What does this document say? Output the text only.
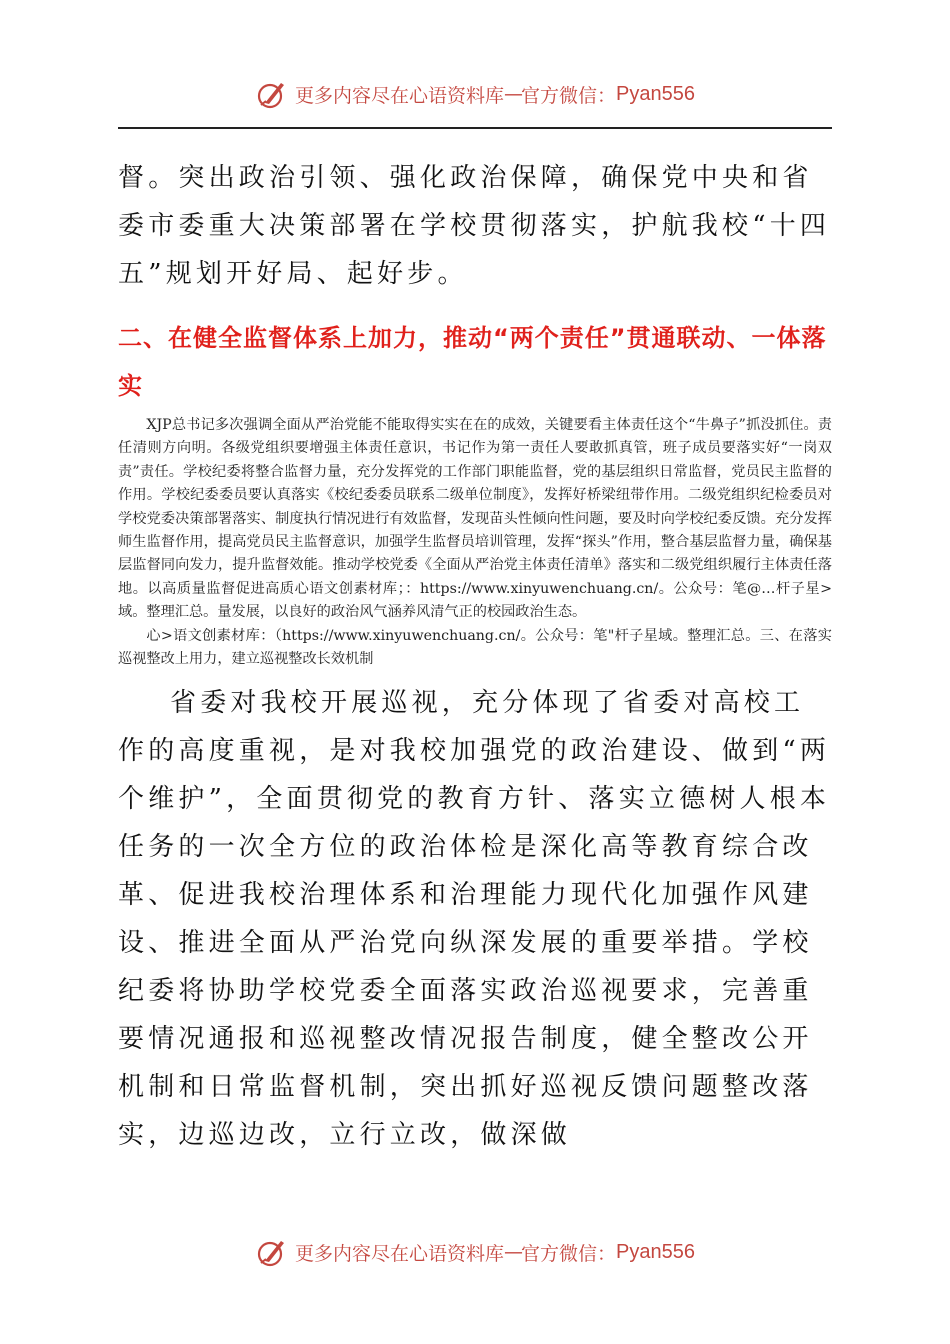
更多内容尽在心语资料库 — 官方微信： Pyan556

督。突出政治引领、强化政治保障，确保党中央和省委市委重大决策部署在学校贯彻落实，护航我校“十四五”规划开好局、起好步。

二、在健全监督体系上加力，推动“两个责任”贯通联动、一体落实

XJP总书记多次强调全面从严治党能不能取得实实在在的成效，关键要看主体责任这个“牛鼻子”抓没抓住。责任清则方向明。各级党组织要增强主体责任意识，书记作为第一责任人要敢抓真管，班子成员要落实好“一岗双责”责任。学校纪委将整合监督力量，充分发挥党的工作部门职能监督，党的基层组织日常监督，党员民主监督的作用。学校纪委委员要认真落实《校纪委委员联系二级单位制度》，发挥好桥梁纽带作用。二级党组织纪检委员对学校党委决策部署落实、制度执行情况进行有效监督，发现苗头性倾向性问题，要及时向学校纪委反馈。充分发挥师生监督作用，提高党员民主监督意识，加强学生监督员培训管理，发挥“探头”作用，整合基层监督力量，确保基层监督同向发力，提升监督效能。推动学校党委《全面从严治党主体责任清单》落实和二级党组织履行主体责任落地。以高质量监督促进高质心语文创素材库；：https://www.xinyuwenchuang.cn/。公众号：笔@…杆子星>域。整理汇总。量发展，以良好的政治风气涵养风清气正的校园政治生态。

心>语文创素材库：（https://www.xinyuwenchuang.cn/。公众号：笔"杆子星域。整理汇总。三、在落实巡视整改上用力，建立巡视整改长效机制

省委对我校开展巡视，充分体现了省委对高校工作的高度重视，是对我校加强党的政治建设、做到“两个维护”，全面贯彻党的教育方针、落实立德树人根本任务的一次全方位的政治体检是深化高等教育综合改革、促进我校治理体系和治理能力现代化加强作风建设、推进全面从严治党向纵深发展的重要举措。学校纪委将协助学校党委全面落实政治巡视要求，完善重要情况通报和巡视整改情况报告制度，健全整改公开机制和日常监督机制，突出抓好巡视反馈问题整改落实，边巡边改，立行立改，做深做

更多内容尽在心语资料库 — 官方微信： Pyan556
